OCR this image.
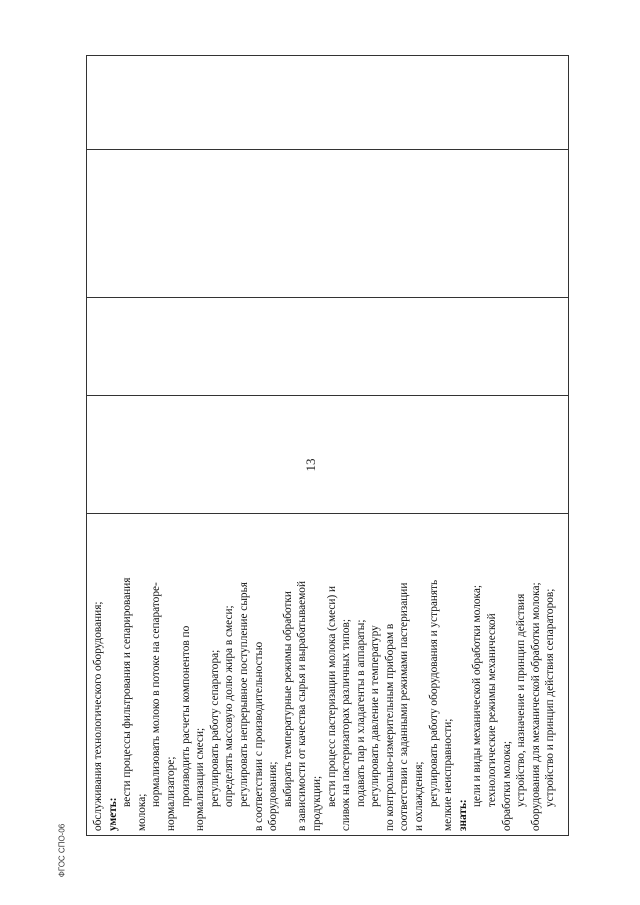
13
обслуживания технологического оборудования; уметь:
вести процессы фильтрования и сепарирования
молока;
нормализовать молоко в потоке на сепараторе- нормализаторе; производить расчеты компонентов по нормализации смеси; регулировать работу сепаратора; определять массовую долю жира в смеси; регулировать непрерывное поступление сырья в соответствии с производительностью оборудования; выбирать температурные режимы обработки в зависимости от качества сырья и вырабатываемой продукции; вести процесс пастеризации молока (смеси) и сливок на пастеризаторах различных типов; подавать пар и хладагенты в аппараты; регулировать давление и температуру по контрольно-измерительным приборам в соответствии с заданными режимами пастеризации и охлаждения; регулировать работу оборудования и устранять мелкие неисправности; знать:
цели и виды механической обработки молока; технологические режимы механической обработки молока; устройство, назначение и принцип действия оборудования для механической обработки молока; устройство и принцип действия сепараторов;
ФГОС СПО-06
